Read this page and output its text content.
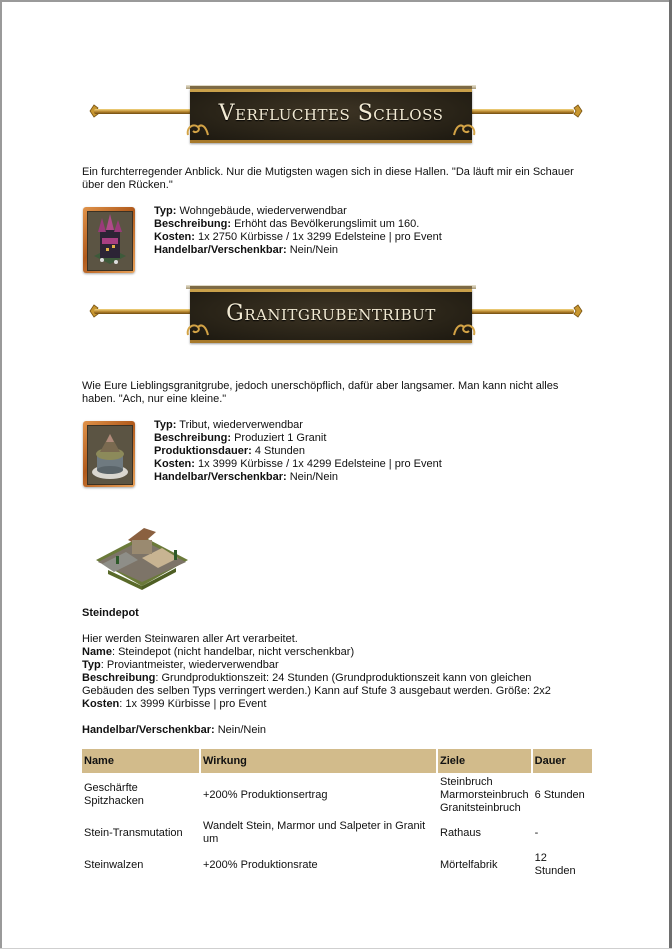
Verfluchtes Schloss
Ein furchterregender Anblick. Nur die Mutigsten wagen sich in diese Hallen. "Da läuft mir ein Schauer über den Rücken."
Typ: Wohngebäude, wiederverwendbar
Beschreibung: Erhöht das Bevölkerungslimit um 160.
Kosten: 1x 2750 Kürbisse / 1x 3299 Edelsteine | pro Event
Handelbar/Verschenkbar: Nein/Nein
Granitgrubentribut
Wie Eure Lieblingsgranitgrube, jedoch unerschöpflich, dafür aber langsamer. Man kann nicht alles haben. "Ach, nur eine kleine."
Typ: Tribut, wiederverwendbar
Beschreibung: Produziert 1 Granit
Produktionsdauer: 4 Stunden
Kosten: 1x 3999 Kürbisse / 1x 4299 Edelsteine | pro Event
Handelbar/Verschenkbar: Nein/Nein
Steindepot
Hier werden Steinwaren aller Art verarbeitet.
Name: Steindepot (nicht handelbar, nicht verschenkbar)
Typ: Proviantmeister, wiederverwendbar
Beschreibung: Grundproduktionszeit: 24 Stunden (Grundproduktionszeit kann von gleichen
Gebäuden des selben Typs verringert werden.) Kann auf Stufe 3 ausgebaut werden. Größe: 2x2
Kosten: 1x 3999 Kürbisse | pro Event
Handelbar/Verschenkbar: Nein/Nein
Name	Wirkung	Ziele	Dauer
Geschärfte Spitzhacken	+200% Produktionsertrag	Steinbruch
Marmorsteinbruch
Granitsteinbruch	6 Stunden
Stein-Transmutation	Wandelt Stein, Marmor und Salpeter in Granit um	Rathaus	-
Steinwalzen	+200% Produktionsrate	Mörtelfabrik	12 Stunden
